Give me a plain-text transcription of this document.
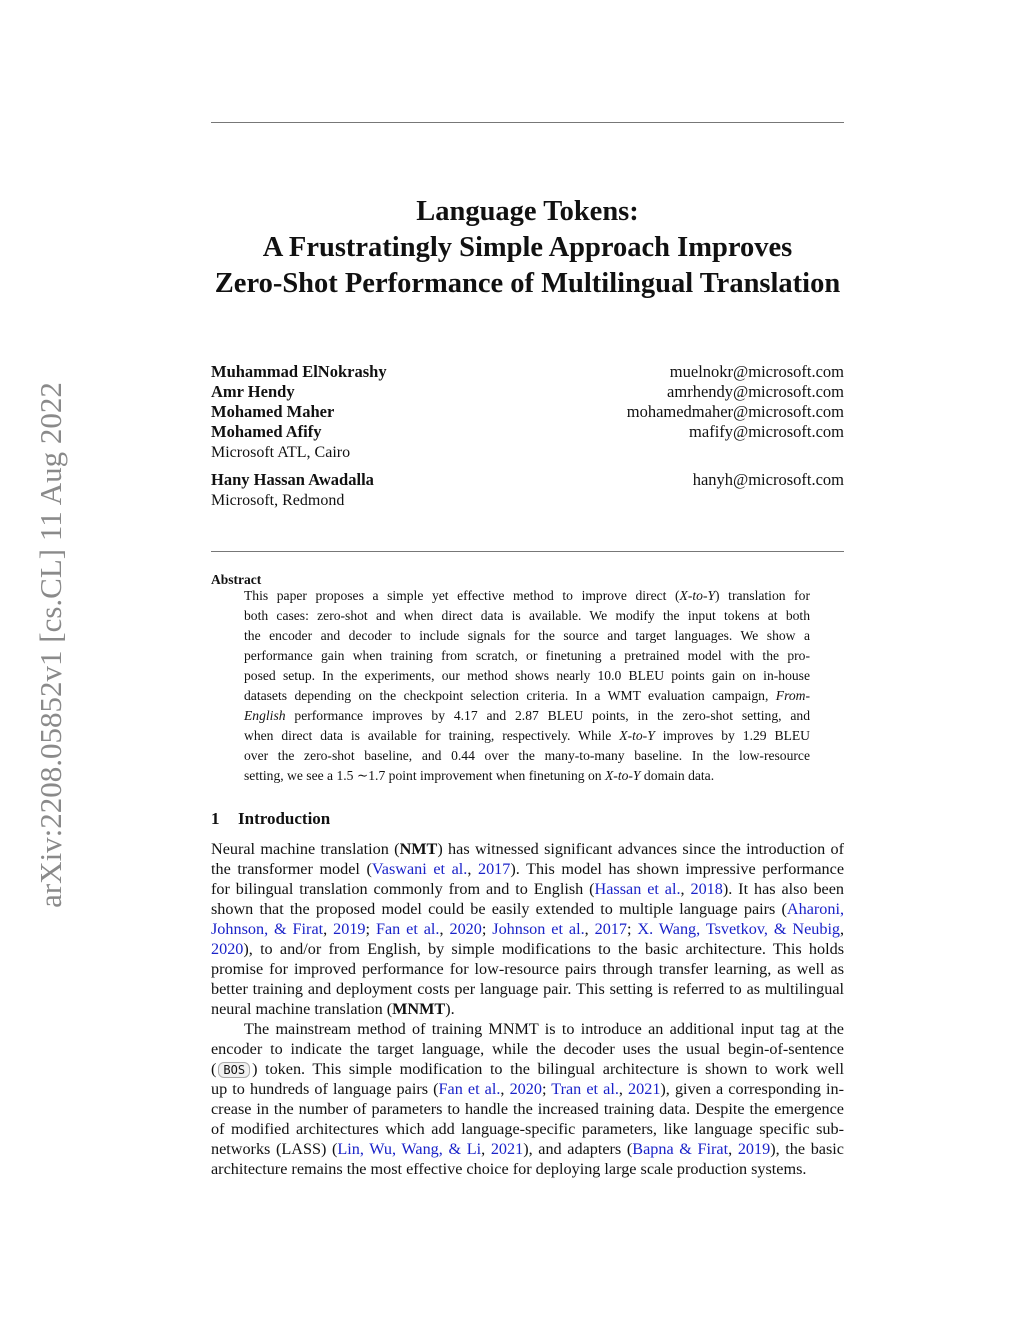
arXiv:2208.05852v1 [cs.CL] 11 Aug 2022
Language Tokens:
A Frustratingly Simple Approach Improves
Zero-Shot Performance of Multilingual Translation
Muhammad ElNokrashy	muelnokr@microsoft.com
Amr Hendy	amrhendy@microsoft.com
Mohamed Maher	mohamedmaher@microsoft.com
Mohamed Afify	mafify@microsoft.com
Microsoft ATL, Cairo
Hany Hassan Awadalla	hanyh@microsoft.com
Microsoft, Redmond
Abstract
This paper proposes a simple yet effective method to improve direct (X-to-Y) translation for
both cases: zero-shot and when direct data is available. We modify the input tokens at both
the encoder and decoder to include signals for the source and target languages. We show a
performance gain when training from scratch, or finetuning a pretrained model with the pro-
posed setup. In the experiments, our method shows nearly 10.0 BLEU points gain on in-house
datasets depending on the checkpoint selection criteria. In a WMT evaluation campaign, From-
English performance improves by 4.17 and 2.87 BLEU points, in the zero-shot setting, and
when direct data is available for training, respectively. While X-to-Y improves by 1.29 BLEU
over the zero-shot baseline, and 0.44 over the many-to-many baseline. In the low-resource
setting, we see a 1.5 ∼1.7 point improvement when finetuning on X-to-Y domain data.
1 Introduction
Neural machine translation (NMT) has witnessed significant advances since the introduction of
the transformer model (Vaswani et al., 2017). This model has shown impressive performance
for bilingual translation commonly from and to English (Hassan et al., 2018). It has also been
shown that the proposed model could be easily extended to multiple language pairs (Aharoni,
Johnson, & Firat, 2019; Fan et al., 2020; Johnson et al., 2017; X. Wang, Tsvetkov, & Neubig,
2020), to and/or from English, by simple modifications to the basic architecture. This holds
promise for improved performance for low-resource pairs through transfer learning, as well as
better training and deployment costs per language pair. This setting is referred to as multilingual
neural machine translation (MNMT).
The mainstream method of training MNMT is to introduce an additional input tag at the
encoder to indicate the target language, while the decoder uses the usual begin-of-sentence
( BOS ) token. This simple modification to the bilingual architecture is shown to work well
up to hundreds of language pairs (Fan et al., 2020; Tran et al., 2021), given a corresponding in-
crease in the number of parameters to handle the increased training data. Despite the emergence
of modified architectures which add language-specific parameters, like language specific sub-
networks (LASS) (Lin, Wu, Wang, & Li, 2021), and adapters (Bapna & Firat, 2019), the basic
architecture remains the most effective choice for deploying large scale production systems.
